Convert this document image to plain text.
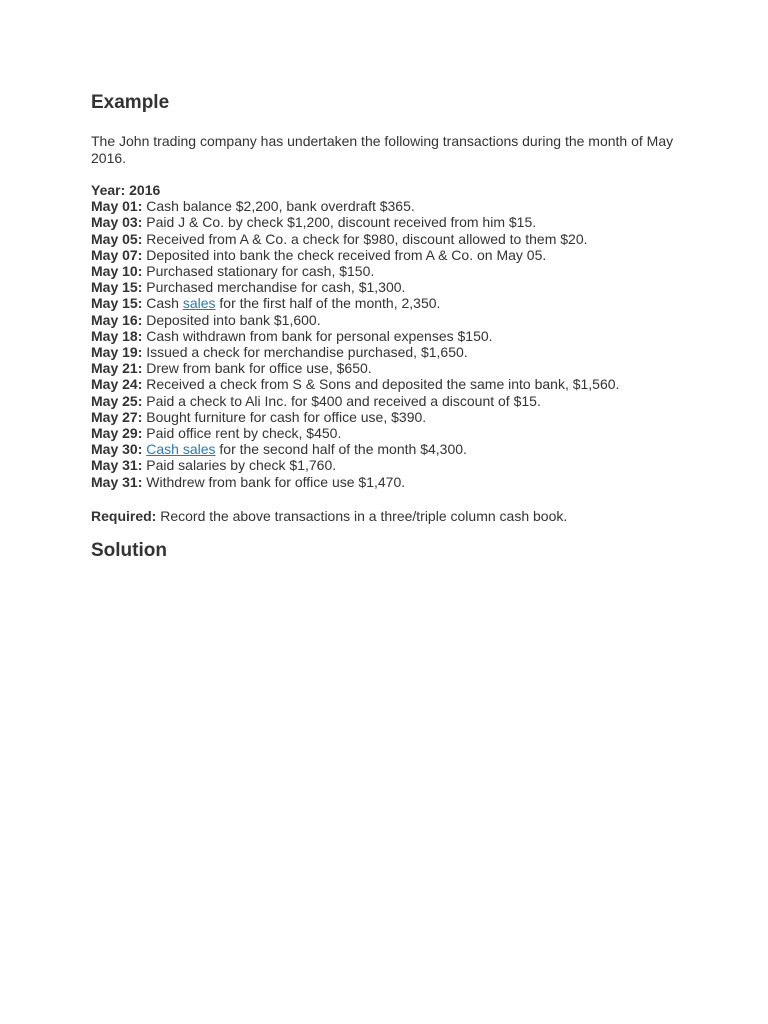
Example

The John trading company has undertaken the following transactions during the month of May 2016.

Year: 2016
May 01: Cash balance $2,200, bank overdraft $365.
May 03: Paid J & Co. by check $1,200, discount received from him $15.
May 05: Received from A & Co. a check for $980, discount allowed to them $20.
May 07: Deposited into bank the check received from A & Co. on May 05.
May 10: Purchased stationary for cash, $150.
May 15: Purchased merchandise for cash, $1,300.
May 15: Cash sales for the first half of the month, 2,350.
May 16: Deposited into bank $1,600.
May 18: Cash withdrawn from bank for personal expenses $150.
May 19: Issued a check for merchandise purchased, $1,650.
May 21: Drew from bank for office use, $650.
May 24: Received a check from S & Sons and deposited the same into bank, $1,560.
May 25: Paid a check to Ali Inc. for $400 and received a discount of $15.
May 27: Bought furniture for cash for office use, $390.
May 29: Paid office rent by check, $450.
May 30: Cash sales for the second half of the month $4,300.
May 31: Paid salaries by check $1,760.
May 31: Withdrew from bank for office use $1,470.

Required: Record the above transactions in a three/triple column cash book.

Solution
